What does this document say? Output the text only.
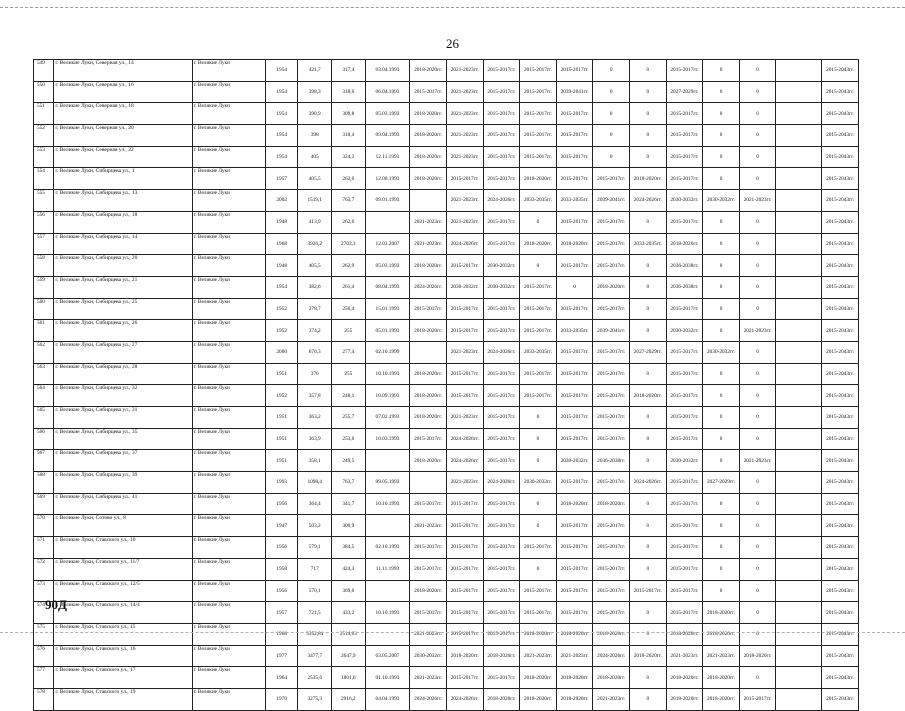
26
549	г. Великие Луки, Северная ул., 14	г. Великие Луки	1954	421,7	317,4	03.04.1993	2018-2020гг.	2021-2023гг.	2015-2017гг.	2015-2017гг.	2015-2017гг.	0	0	2015-2017гг.	0	0		2015-2043гг.
550	г. Великие Луки, Северная ул., 16	г. Великие Луки	1954	398,3	318,6	06.04.1993	2015-2017гг.	2021-2023гг.	2015-2017гг.	2015-2017гг.	2039-2041гг.	0	0	2027-2029гг.	0	0		2015-2043гг.
551	г. Великие Луки, Северная ул., 18	г. Великие Луки	1954	390,9	309,8	05.03.1993	2018-2020гг.	2021-2023гг.	2015-2017гг.	2015-2017гг.	2015-2017гг.	0	0	2015-2017гг.	0	0		2015-2043гг.
552	г. Великие Луки, Северная ул., 20	г. Великие Луки	1954	398	318,4	09.04.1993	2018-2020гг.	2021-2023гг.	2015-2017гг.	2015-2017гг.	2015-2017гг.	0	0	2015-2017гг.	0	0		2015-2043гг.
553	г. Великие Луки, Северная ул., 22	г. Великие Луки	1954	405	324,3	12.11.1993	2018-2020гг.	2021-2023гг.	2015-2017гг.	2015-2017гг.	2015-2017гг.	0	0	2015-2017гг.	0	0		2015-2043гг.
554	г. Великие Луки, Сибирцева ул., 1	г. Великие Луки	1957	405,5	262,6	12.08.1993	2018-2020гг.	2015-2017гг.	2015-2017гг.	2018-2020гг.	2015-2017гг.	2015-2017гг.	2018-2020гг.	2015-2017гг.	0	0		2015-2043гг.
555	г. Великие Луки, Сибирцева ул., 13	г. Великие Луки	2002	1519,1	763,7	09.01.1993		2021-2023гг.	2024-2026гг.	2033-2035гг.	2033-2035гг.	2039-2041гг.	2024-2026гг.	2030-2032гг.	2030-2032гг.	2021-2023гг.		2015-2043гг.
556	г. Великие Луки, Сибирцева ул., 18	г. Великие Луки	1948	413,9	262,6		2021-2023гг.	2021-2023гг.	2015-2017гг.	0	2015-2017гг.	2015-2017гг.	0	2015-2017гг.	0	0		2015-2043гг.
557	г. Великие Луки, Сибирцева ул., 14	г. Великие Луки	1968	3926,2	2703,3	12.03.2007	2021-2023гг.	2024-2026гг.	2015-2017гг.	2018-2020гг.	2018-2020гг.	2015-2017гг.	2033-2035гг.	2018-2020гг.	0	0		2015-2043гг.
558	г. Великие Луки, Сибирцева ул., 20	г. Великие Луки	1948	405,5	262,9	05.03.1993	2018-2020гг.	2015-2017гг.	2030-2032гг.	0	2015-2017гг.	2015-2017гг.	0	2036-2038гг.	0	0		2015-2043гг.
559	г. Великие Луки, Сибирцева ул., 21	г. Великие Луки	1954	382,6	261,4	08.04.1993	2024-2026гг.	2030-2032гг.	2030-2032гг.	2015-2017гг.	0	2018-2020гг.	0	2036-2038гг.	0	0		2015-2043гг.
560	г. Великие Луки, Сибирцева ул., 25	г. Великие Луки	1952	378,7	256,4	15.01.1993	2015-2017гг.	2015-2017гг.	2015-2017гг.	2015-2017гг.	2015-2017гг.	2015-2017гг.	0	2015-2017гг.	0	0		2015-2043гг.
561	г. Великие Луки, Сибирцева ул., 26	г. Великие Луки	1952	374,2	255	05.01.1993	2018-2020гг.	2015-2017гг.	2015-2017гг.	2015-2017гг.	2033-2035гг.	2039-2041гг.	0	2030-2032гг.	0	2021-2023гг.		2015-2043гг.
562	г. Великие Луки, Сибирцева ул., 27	г. Великие Луки	2000	670,3	277,4	02.10.1999		2021-2023гг.	2024-2026гг.	2033-2035гг.	2015-2017гг.	2015-2017гг.	2027-2029гг.	2015-2017гг.	2030-2032гг.	0		2015-2043гг.
563	г. Великие Луки, Сибирцева ул., 28	г. Великие Луки	1951	376	255	10.10.1993	2018-2020гг.	2015-2017гг.	2015-2017гг.	2015-2017гг.	2015-2017гг.	2015-2017гг.	0	2015-2017гг.	0	0		2015-2043гг.
564	г. Великие Луки, Сибирцева ул., 32	г. Великие Луки	1952	357,8	248,1	10.09.1993	2018-2020гг.	2015-2017гг.	2015-2017гг.	2015-2017гг.	2015-2017гг.	2015-2017гг.	2018-2020гг.	2015-2017гг.	0	0		2015-2043гг.
565	г. Великие Луки, Сибирцева ул., 31	г. Великие Луки	1951	363,2	255,7	07.02.1993	2018-2020гг.	2021-2023гг.	2015-2017гг.	0	2015-2017гг.	2015-2017гг.	0	2015-2017гг.	0	0		2015-2043гг.
566	г. Великие Луки, Сибирцева ул., 35	г. Великие Луки	1951	363,9	253,6	10.03.1993	2015-2017гг.	2024-2026гг.	2015-2017гг.	0	2015-2017гг.	2015-2017гг.	0	2015-2017гг.	0	0		2015-2043гг.
567	г. Великие Луки, Сибирцева ул., 37	г. Великие Луки	1951	358,1	249,5		2018-2020гг.	2024-2026гг.	2015-2017гг.	0	2030-2032гг.	2036-2038гг.	0	2030-2032гг.	0	2021-2023гг.		2015-2043гг.
568	г. Великие Луки, Сибирцева ул., 39	г. Великие Луки	1993	1098,4	763,7	09.05.1993		2021-2023гг.	2024-2026гг.	2030-2032гг.	2015-2017гг.	2015-2017гг.	2024-2026гг.	2015-2017гг.	2027-2029гг.	0		2015-2043гг.
569	г. Великие Луки, Сибирцева ул., 41	г. Великие Луки	1956	364,4	341,7	10.10.1993	2015-2017гг.	2015-2017гг.	2015-2017гг.	0	2018-2020гг.	2018-2020гг.	0	2015-2017гг.	0	0		2015-2043гг.
570	г. Великие Луки, Сотово ул., 8	г. Великие Луки	1947	503,2	300,9		2021-2023гг.	2015-2017гг.	2015-2017гг.	0	2015-2017гг.	2015-2017гг.	0	2015-2017гг.	0	0		2015-2043гг.
571	г. Великие Луки, Ставского ул., 10	г. Великие Луки	1956	579,1	384,5	02.10.1993	2015-2017гг.	2015-2017гг.	2015-2017гг.	2015-2017гг.	2015-2017гг.	2015-2017гг.	0	2015-2017гг.	0	0		2015-2043гг.
572	г. Великие Луки, Ставского ул., 11/7	г. Великие Луки	1958	717	424,3	11.11.1993	2015-2017гг.	2015-2017гг.	2015-2017гг.	0	2015-2017гг.	2015-2017гг.	0	2015-2017гг.	0	0		2015-2043гг.
573	г. Великие Луки, Ставского ул., 12/5	г. Великие Луки	1956	570,1	369,6		2018-2020гг.	2015-2017гг.	2015-2017гг.	2015-2017гг.	2015-2017гг.	2015-2017гг.	2015-2017гг.	2015-2017гг.	0	0		2015-2043гг.
574	г. Великие Луки, Ставского ул., 14/4	г. Великие Луки	1957	721,5	433,2	10.10.1993	2015-2017гг.	2015-2017гг.	2015-2017гг.	2015-2017гг.	2015-2017гг.	2015-2017гг.	0	2015-2017гг.	2018-2020гг.	0		2015-2043гг.
575	г. Великие Луки, Ставского ул., 15	г. Великие Луки	1968	3352,84	2514,03		2021-2023гг.	2015-2017гг.	2015-2017гг.	2018-2020гг.	2018-2020гг.	2018-2020гг.	0	2018-2020гг.	2018-2020гг.	0		2015-2043гг.
576	г. Великие Луки, Ставского ул., 16	г. Великие Луки	1977	3477,7	2647,9	03.05.2007	2030-2032гг.	2018-2020гг.	2018-2020гг.	2021-2023гг.	2021-2023гг.	2024-2026гг.	2018-2020гг.	2021-2023гг.	2021-2023гг.	2018-2020гг.		2015-2043гг.
577	г. Великие Луки, Ставского ул., 17	г. Великие Луки	1964	2535,6	1801,6	01.10.1993	2021-2023гг.	2015-2017гг.	2015-2017гг.	2018-2020гг.	2018-2020гг.	2018-2020гг.	0	2018-2020гг.	2018-2020гг.	0		2015-2043гг.
578	г. Великие Луки, Ставского ул., 19	г. Великие Луки	1970	3275,3	2916,2	04.04.1993	2024-2026гг.	2024-2026гг.	2018-2020гг.	2018-2020гг.	2018-2020гг.	2021-2023гг.	0	2018-2020гг.	2018-2020гг.	2015-2017гг.		2015-2043гг.
90Д
